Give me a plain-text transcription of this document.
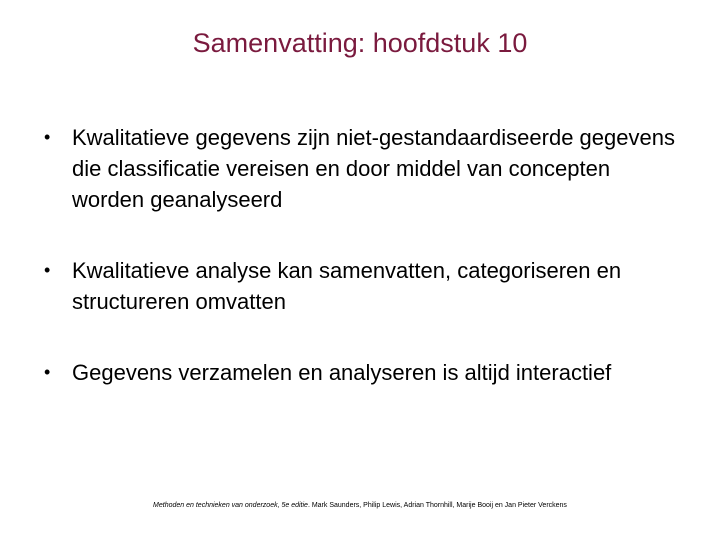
Samenvatting: hoofdstuk 10
• Kwalitatieve gegevens zijn niet-gestandaardiseerde gegevens die classificatie vereisen en door middel van concepten worden geanalyseerd
• Kwalitatieve analyse kan samenvatten, categoriseren en structureren omvatten
• Gegevens verzamelen en analyseren is altijd interactief
Methoden en technieken van onderzoek, 5e editie. Mark Saunders, Philip Lewis, Adrian Thornhill, Marije Booij en Jan Pieter Verckens
